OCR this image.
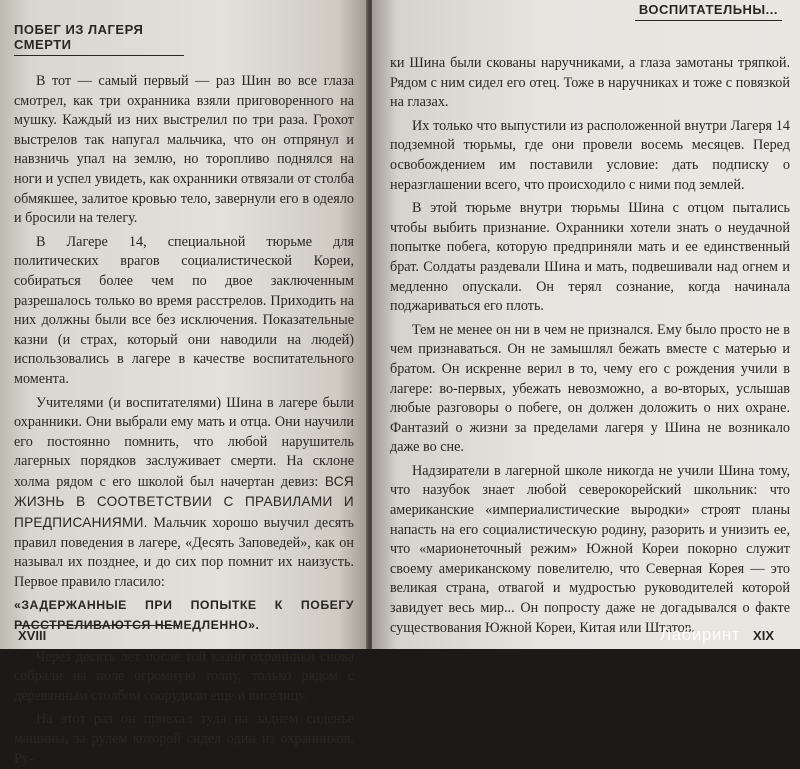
ПОБЕГ ИЗ ЛАГЕРЯ СМЕРТИ

В тот — самый первый — раз Шин во все глаза смотрел, как три охранника взяли приговоренного на мушку. Каждый из них выстрелил по три раза. Грохот выстрелов так напугал мальчика, что он отпрянул и навзничь упал на землю, но торопливо поднялся на ноги и успел увидеть, как охранники отвязали от столба обмякшее, залитое кровью тело, завернули его в одеяло и бросили на телегу.

В Лагере 14, специальной тюрьме для политических врагов социалистической Кореи, собираться более чем по двое заключенным разрешалось только во время расстрелов. Приходить на них должны были все без исключения. Показательные казни (и страх, который они наводили на людей) использовались в лагере в качестве воспитательного момента.

Учителями (и воспитателями) Шина в лагере были охранники. Они выбрали ему мать и отца. Они научили его постоянно помнить, что любой нарушитель лагерных порядков заслуживает смерти. На склоне холма рядом с его школой был начертан девиз: ВСЯ ЖИЗНЬ В СООТВЕТСТВИИ С ПРАВИЛАМИ И ПРЕДПИСАНИЯМИ. Мальчик хорошо выучил десять правил поведения в лагере, «Десять Заповедей», как он называл их позднее, и до сих пор помнит их наизусть. Первое правило гласило:

«ЗАДЕРЖАННЫЕ ПРИ ПОПЫТКЕ К ПОБЕГУ РАССТРЕЛИВАЮТСЯ НЕМЕДЛЕННО».

Через десять лет после той казни охранники снова собрали на поле огромную толпу, только рядом с деревянным столбом соорудили еще и виселицу.

На этот раз он приехал туда на заднем сиденье машины, за рулем которой сидел один из охранников. Ру-

XVIII
ВОСПИТАТЕЛЬНЫ...

ки Шина были скованы наручниками, а глаза замотаны тряпкой. Рядом с ним сидел его отец. Тоже в наручниках и тоже с повязкой на глазах.

Их только что выпустили из расположенной внутри Лагеря 14 подземной тюрьмы, где они провели восемь месяцев. Перед освобождением им поставили условие: дать подписку о неразглашении всего, что происходило с ними под землей.

В этой тюрьме внутри тюрьмы Шина с отцом пытались чтобы выбить признание. Охранники хотели знать о неудачной попытке побега, которую предприняли мать и ее единственный брат. Солдаты раздевали Шина и мать, подвешивали над огнем и медленно опускали. Он терял сознание, когда начинала поджариваться его плоть.

Тем не менее он ни в чем не признался. Ему было просто не в чем признаваться. Он не замышлял бежать вместе с матерью и братом. Он искренне верил в то, чему его с рождения учили в лагере: во-первых, убежать невозможно, а во-вторых, услышав любые разговоры о побеге, он должен доложить о них охране. Фантазий о жизни за пределами лагеря у Шина не возникало даже во сне.

Надзиратели в лагерной школе никогда не учили Шина тому, что назубок знает любой северокорейский школьник: что американские «империалистические выродки» строят планы напасть на его социалистическую родину, разорить и унизить ее, что «марионеточный режим» Южной Кореи покорно служит своему американскому повелителю, что Северная Корея — это великая страна, отвагой и мудростью руководителей которой завидует весь мир... Он попросту даже не догадывался о факте существования Южной Кореи, Китая или Штатов.

Лабиринт XIX
